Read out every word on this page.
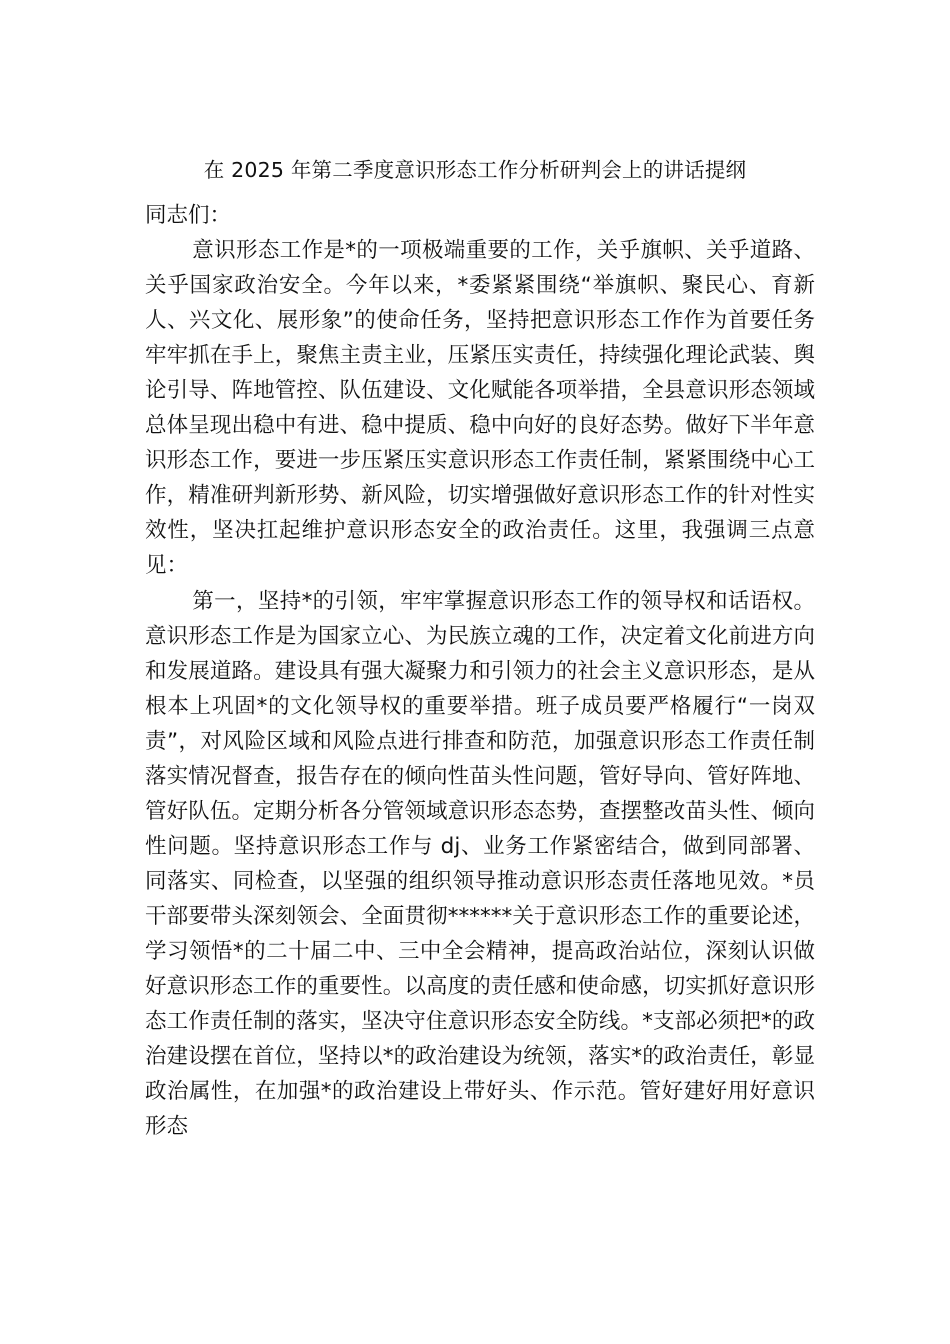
在 2025 年第二季度意识形态工作分析研判会上的讲话提纲

同志们：

意识形态工作是*的一项极端重要的工作，关乎旗帜、关乎道路、关乎国家政治安全。今年以来，*委紧紧围绕“举旗帜、聚民心、育新人、兴文化、展形象”的使命任务，坚持把意识形态工作作为首要任务牢牢抓在手上，聚焦主责主业，压紧压实责任，持续强化理论武装、舆论引导、阵地管控、队伍建设、文化赋能各项举措，全县意识形态领域总体呈现出稳中有进、稳中提质、稳中向好的良好态势。做好下半年意识形态工作，要进一步压紧压实意识形态工作责任制，紧紧围绕中心工作，精准研判新形势、新风险，切实增强做好意识形态工作的针对性实效性，坚决扛起维护意识形态安全的政治责任。这里，我强调三点意见：

第一，坚持*的引领，牢牢掌握意识形态工作的领导权和话语权。意识形态工作是为国家立心、为民族立魂的工作，决定着文化前进方向和发展道路。建设具有强大凝聚力和引领力的社会主义意识形态，是从根本上巩固*的文化领导权的重要举措。班子成员要严格履行“一岗双责”，对风险区域和风险点进行排查和防范，加强意识形态工作责任制落实情况督查，报告存在的倾向性苗头性问题，管好导向、管好阵地、管好队伍。定期分析各分管领域意识形态态势，查摆整改苗头性、倾向性问题。坚持意识形态工作与 dj、业务工作紧密结合，做到同部署、同落实、同检查，以坚强的组织领导推动意识形态责任落地见效。*员干部要带头深刻领会、全面贯彻******关于意识形态工作的重要论述，学习领悟*的二十届二中、三中全会精神，提高政治站位，深刻认识做好意识形态工作的重要性。以高度的责任感和使命感，切实抓好意识形态工作责任制的落实，坚决守住意识形态安全防线。*支部必须把*的政治建设摆在首位，坚持以*的政治建设为统领，落实*的政治责任，彰显政治属性，在加强*的政治建设上带好头、作示范。管好建好用好意识形态
